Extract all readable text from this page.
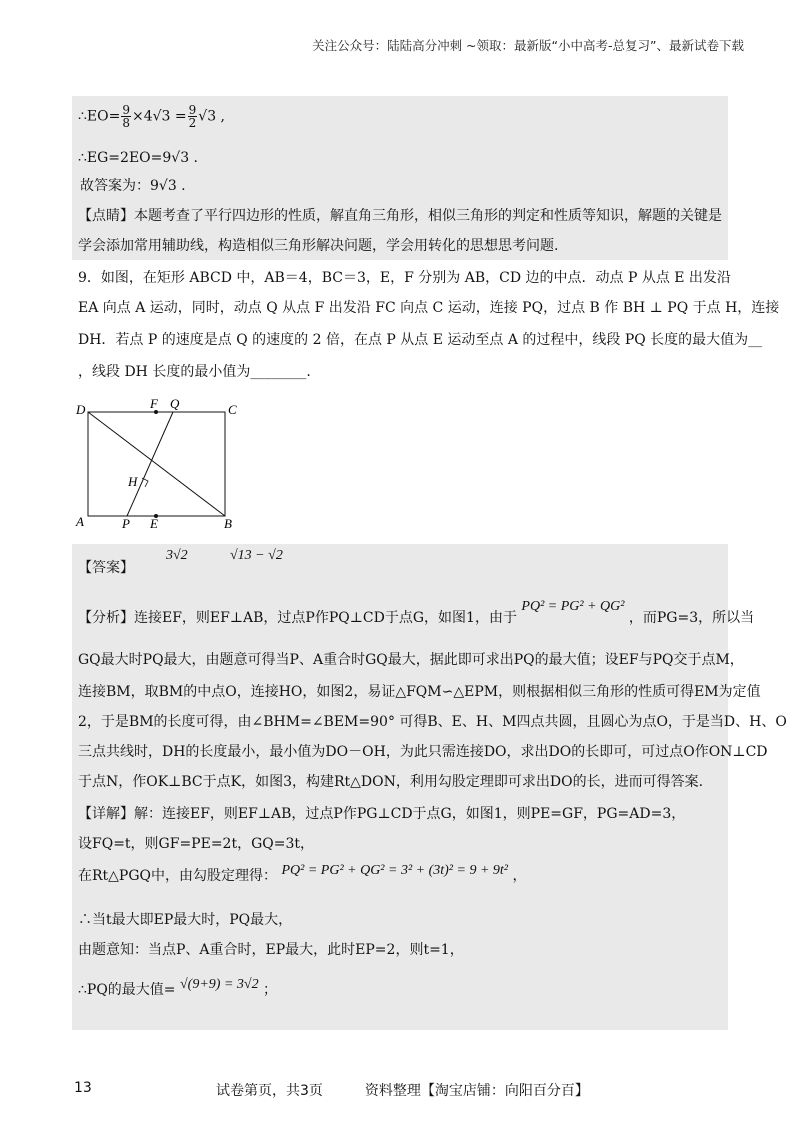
关注公众号：陆陆高分冲刺 ~领取：最新版“小中高考-总复习”、最新试卷下载
∴EO= $\frac{9}{8} \times 4√3 = \frac{9}{2} √3$ ,
∴EG=2EO=9√3 .
故答案为：9√3 .
【点睛】本题考查了平行四边形的性质，解直角三角形，相似三角形的判定和性质等知识，解题的关键是
学会添加常用辅助线，构造相似三角形解决问题，学会用转化的思想思考问题.
9．如图，在矩形 ABCD 中，AB＝4，BC＝3，E，F 分别为 AB，CD 边的中点．动点 P 从点 E 出发沿
EA 向点 A 运动，同时，动点 Q 从点 F 出发沿 FC 向点 C 运动，连接 PQ，过点 B 作 BH ⊥ PQ 于点 H，连接
DH．若点 P 的速度是点 Q 的速度的 2 倍，在点 P 从点 E 运动至点 A 的过程中，线段 PQ 长度的最大值为__
，线段 DH 长度的最小值为________.
D	F Q	C
H
A	P E	B
【答案】
3√2	√13 − √2
【分析】连接EF，则EF⊥AB，过点P作PQ⊥CD于点G，如图1，由于 PQ² = PG² + QG² ，而PG=3，所以当
GQ最大时PQ最大，由题意可得当P、A重合时GQ最大，据此即可求出PQ的最大值；设EF与PQ交于点M，
连接BM，取BM的中点O，连接HO，如图2，易证△FQM∽△EPM，则根据相似三角形的性质可得EM为定值
2，于是BM的长度可得，由∠BHM=∠BEM=90° 可得B、E、H、M四点共圆，且圆心为点O，于是当D、H、O
三点共线时，DH的长度最小，最小值为DO－OH，为此只需连接DO，求出DO的长即可，可过点O作ON⊥CD
于点N，作OK⊥BC于点K，如图3，构建Rt△DON，利用勾股定理即可求出DO的长，进而可得答案.
【详解】解：连接EF，则EF⊥AB，过点P作PG⊥CD于点G，如图1，则PE=GF，PG=AD=3，
设FQ=t，则GF=PE=2t，GQ=3t，
在Rt△PGQ中，由勾股定理得： PQ² = PG² + QG² = 3² + (3t)² = 9 + 9t² ，
∴当t最大即EP最大时，PQ最大，
由题意知：当点P、A重合时，EP最大，此时EP=2，则t=1，
∴PQ的最大值= √(9+9) = 3√2 ；
13	试卷第页，共3页　　　资料整理【淘宝店铺：向阳百分百】
